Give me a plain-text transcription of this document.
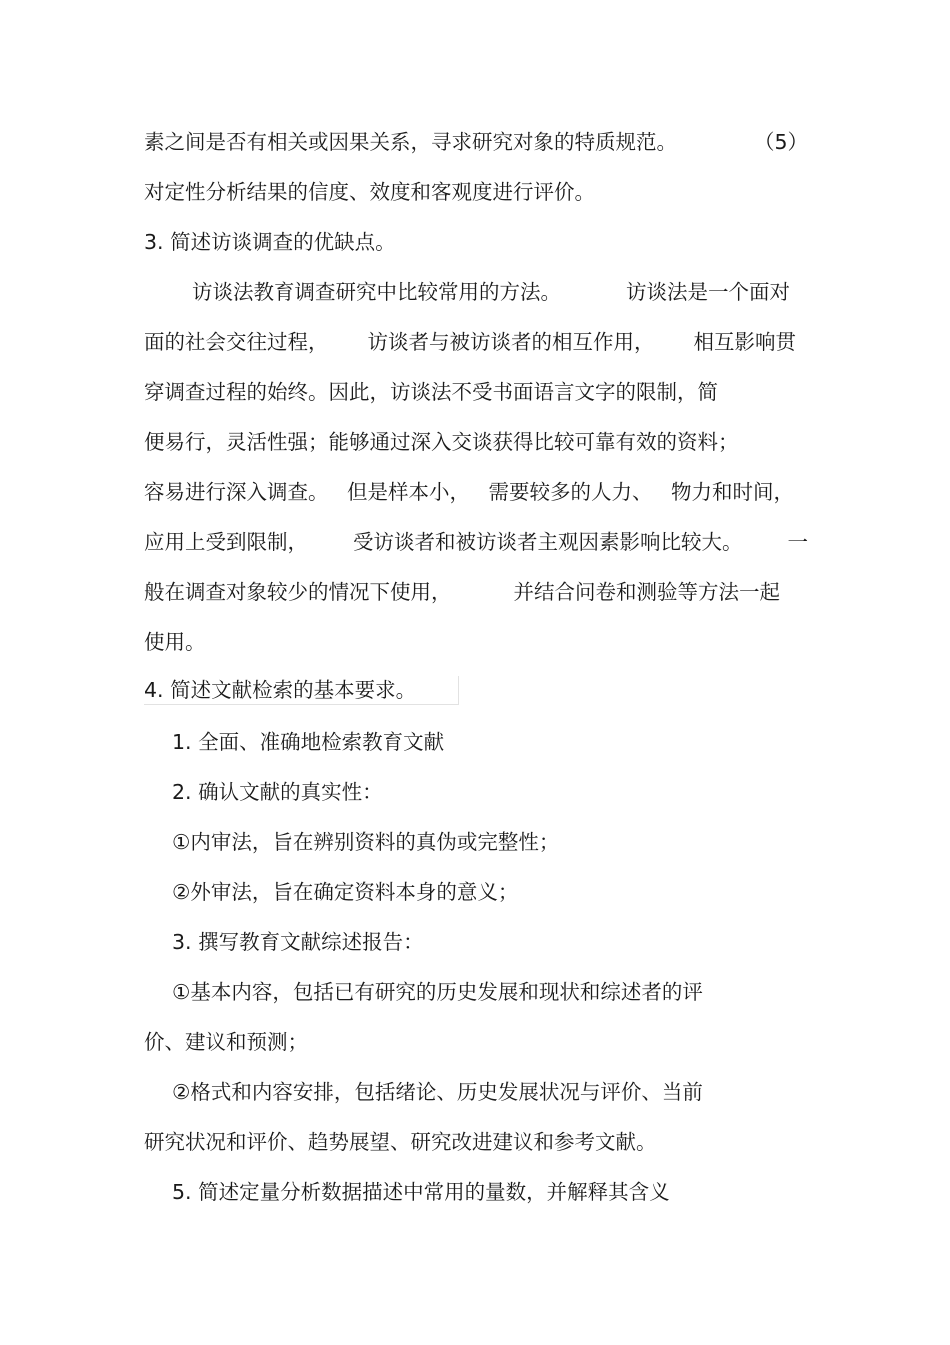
素之间是否有相关或因果关系，寻求研究对象的特质规范。	（5）
对定性分析结果的信度、效度和客观度进行评价。
3. 简述访谈调查的优缺点。
访谈法教育调查研究中比较常用的方法。	访谈法是一个面对
面的社会交往过程， 访谈者与被访谈者的相互作用， 相互影响贯
穿调查过程的始终。因此，访谈法不受书面语言文字的限制，简
便易行，灵活性强；能够通过深入交谈获得比较可靠有效的资料；
容易进行深入调查。 但是样本小， 需要较多的人力、 物力和时间，
应用上受到限制， 受访谈者和被访谈者主观因素影响比较大。 一
般在调查对象较少的情况下使用，	并结合问卷和测验等方法一起
使用。
4. 简述文献检索的基本要求。
1. 全面、准确地检索教育文献
2. 确认文献的真实性：
①内审法，旨在辨别资料的真伪或完整性；
②外审法，旨在确定资料本身的意义；
3. 撰写教育文献综述报告：
①基本内容，包括已有研究的历史发展和现状和综述者的评
价、建议和预测；
②格式和内容安排，包括绪论、历史发展状况与评价、当前
研究状况和评价、趋势展望、研究改进建议和参考文献。
5. 简述定量分析数据描述中常用的量数，并解释其含义
